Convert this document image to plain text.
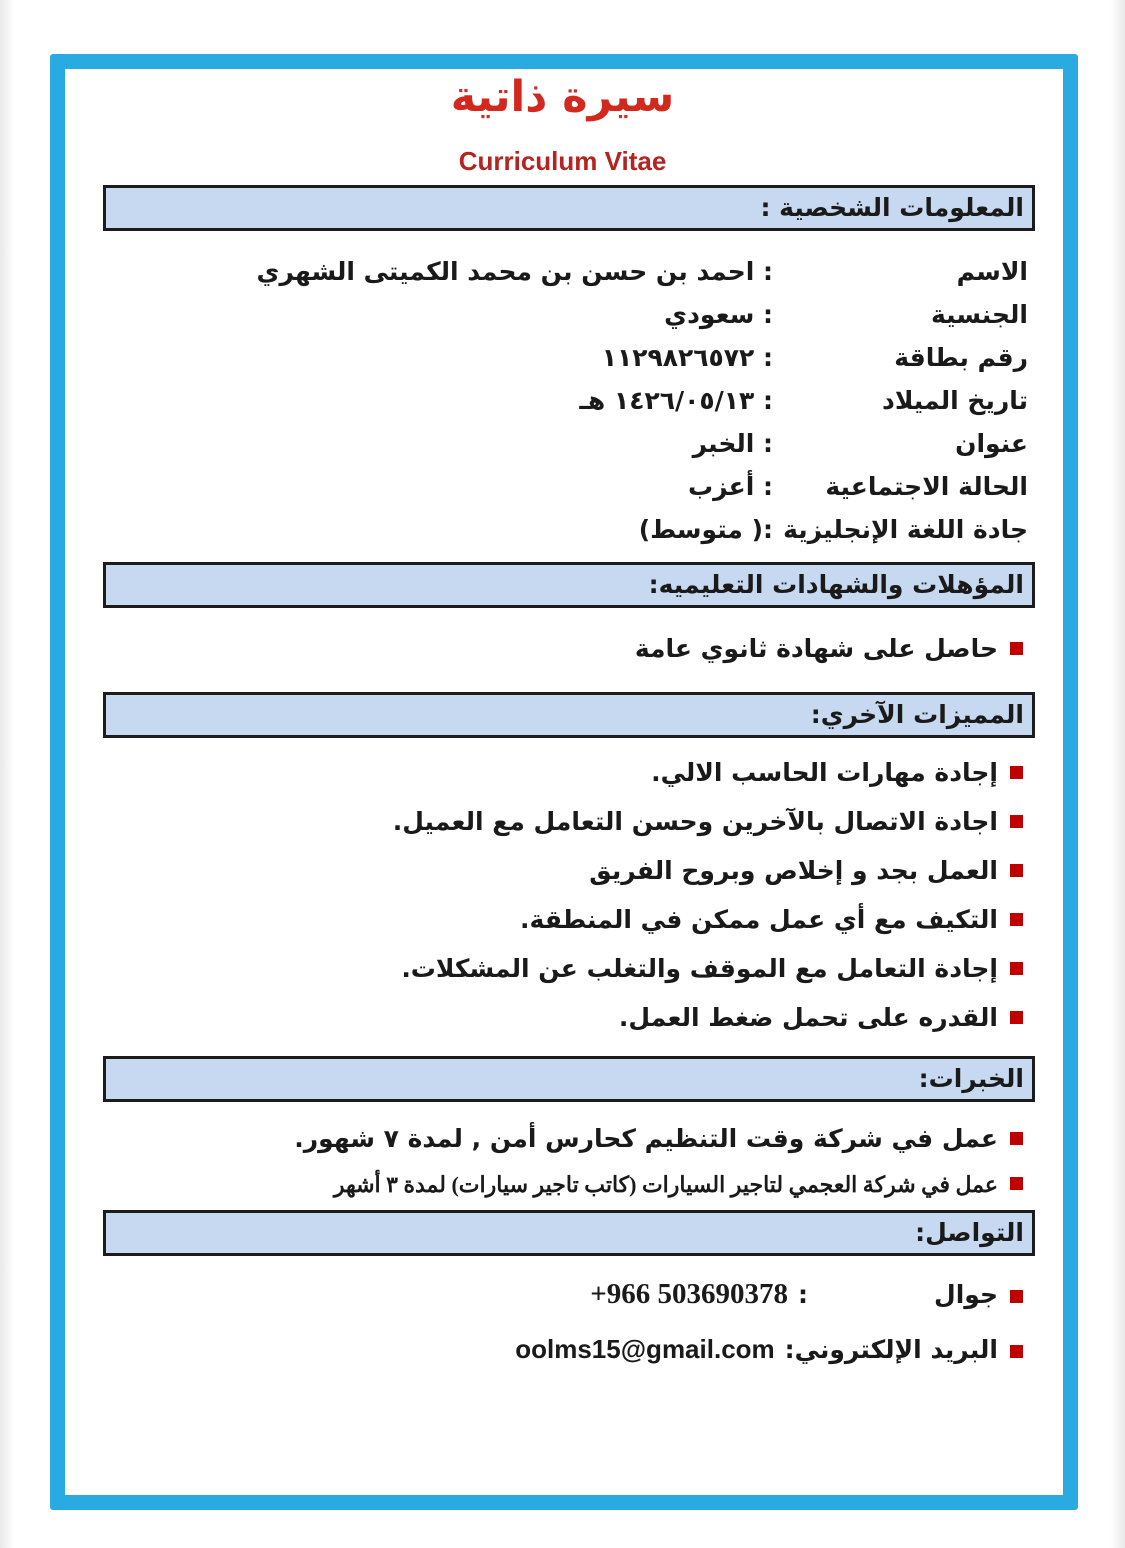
سيرة ذاتية
Curriculum Vitae
المعلومات الشخصية :
الاسم
: احمد بن حسن بن محمد الكميتى الشهري
الجنسية
: سعودي
رقم بطاقة
: ١١٢٩٨٢٦٥٧٢
تاريخ الميلاد
: ١٤٢٦/٠٥/١٣ هـ
عنوان
: الخبر
الحالة الاجتماعية
: أعزب
جادة اللغة الإنجليزية
:( متوسط)
المؤهلات والشهادات التعليميه:
حاصل على شهادة ثانوي عامة
المميزات الآخري:
إجادة مهارات الحاسب الالي.
اجادة الاتصال بالآخرين وحسن التعامل مع العميل.
العمل بجد و إخلاص وبروح الفريق
التكيف مع أي عمل ممكن في المنطقة.
إجادة التعامل مع الموقف والتغلب عن المشكلات.
القدره على تحمل ضغط العمل.
الخبرات:
عمل في شركة وقت التنظيم كحارس أمن , لمدة ٧ شهور.
عمل في شركة العجمي لتاجير السيارات (كاتب تاجير سيارات) لمدة ٣ أشهر
التواصل:
جوال
:
+966 503690378
البريد الإلكتروني
:
oolms15@gmail.com
